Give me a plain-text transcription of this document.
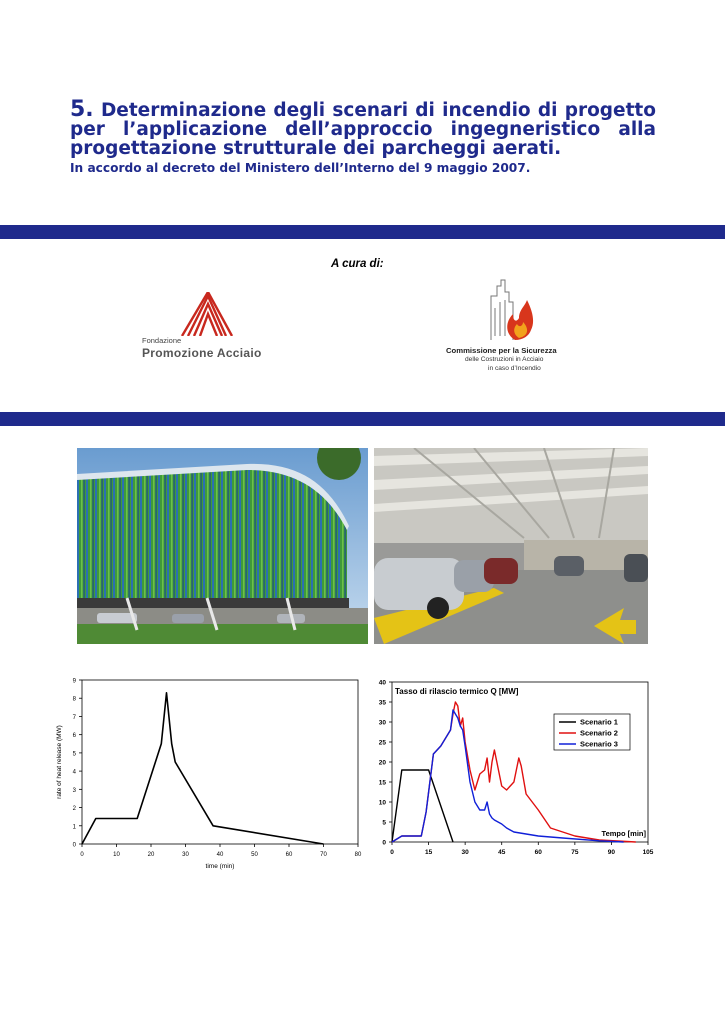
5. Determinazione degli scenari di incendio di progetto
per l’applicazione dell’approccio ingegneristico alla
progettazione strutturale dei parcheggi aerati.
In accordo al decreto del Ministero dell’Interno del 9 maggio 2007.
A cura di:
Fondazione
Promozione Acciaio	Commissione per la Sicurezza
delle Costruzioni in Acciaio
in caso d’Incendio
0	10	20	30	40	50	60	70	80
0
1
2
3
4
5
6
7
8
9
time (min)
rate of heat release (MW)
0	15	30	45	60	75	90	105
0
5
10
15
20
25
30
35
40
Tasso di rilascio termico Q [MW]
Tempo [min]
Scenario 1
Scenario 2
Scenario 3
